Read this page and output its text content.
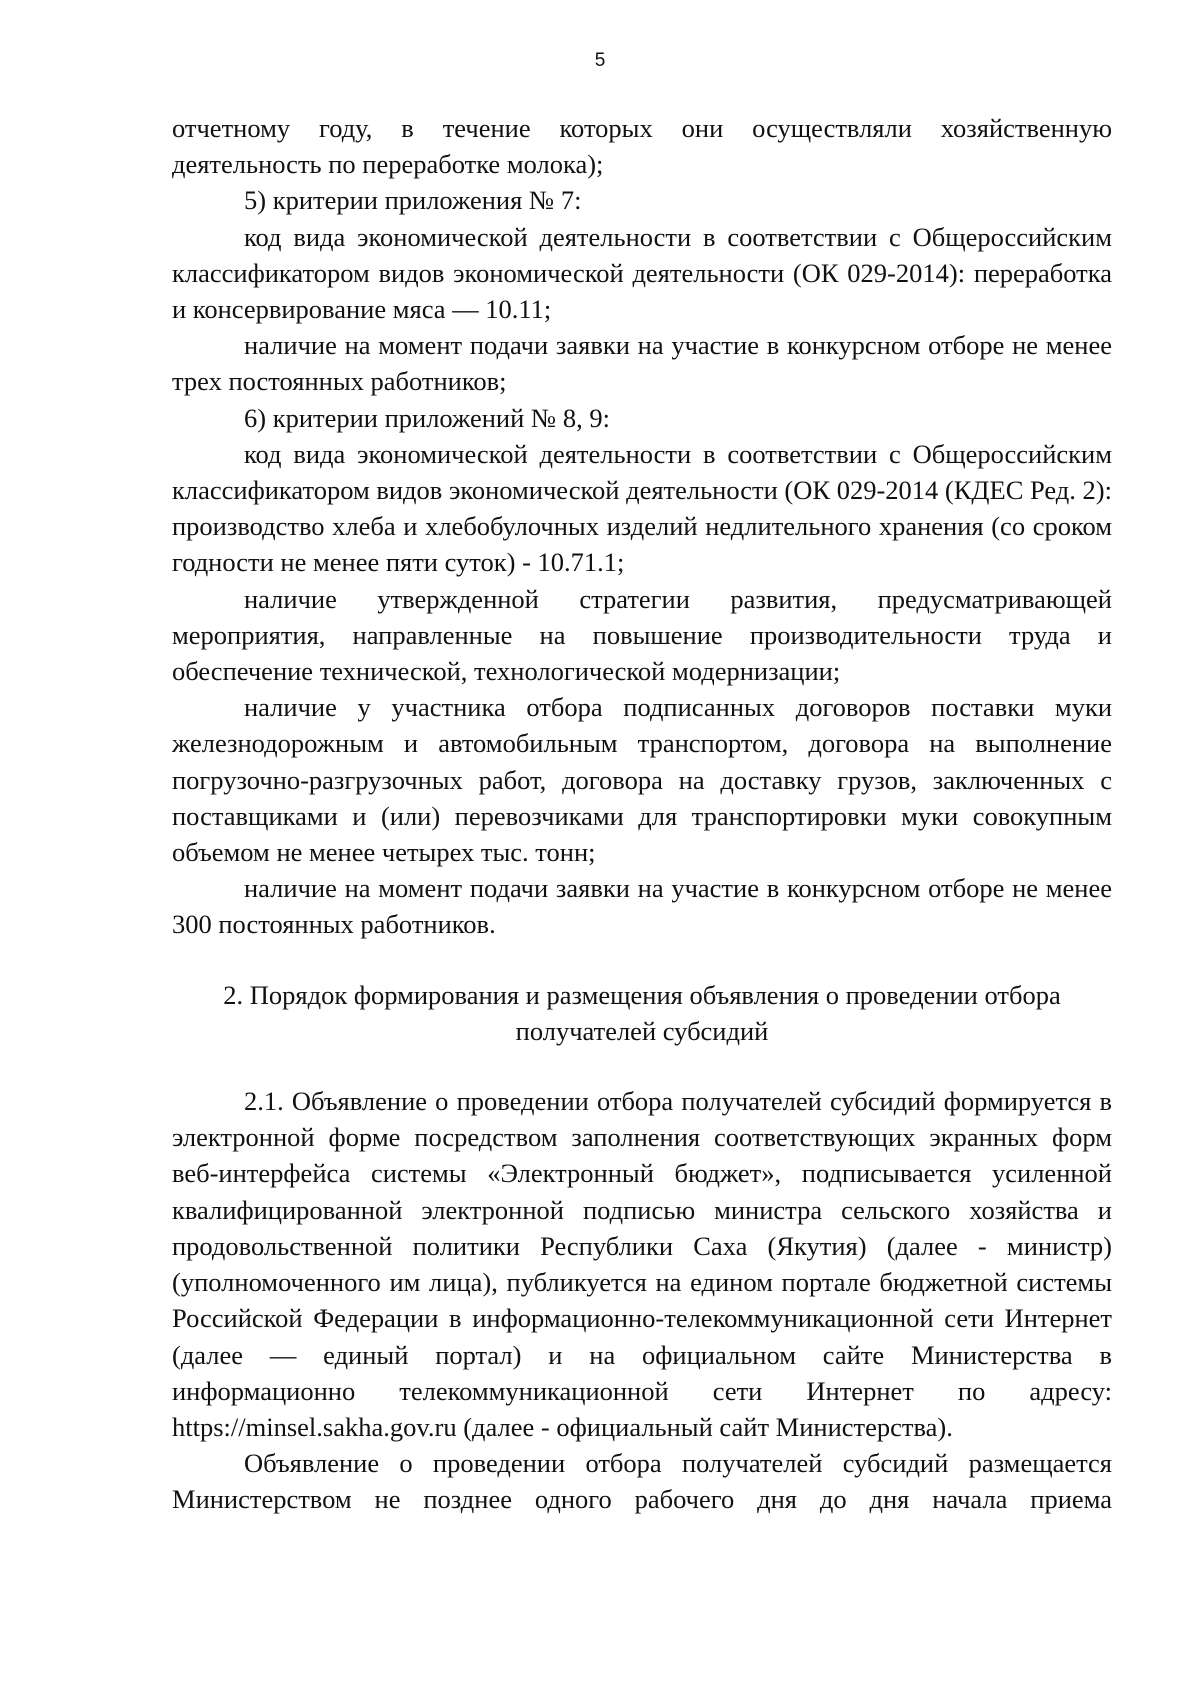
5

отчетному году, в течение которых они осуществляли хозяйственную деятельность по переработке молока);

5) критерии приложения № 7:

код вида экономической деятельности в соответствии с Общероссийским классификатором видов экономической деятельности (ОК 029-2014): переработка и консервирование мяса — 10.11;

наличие на момент подачи заявки на участие в конкурсном отборе не менее трех постоянных работников;

6) критерии приложений № 8, 9:

код вида экономической деятельности в соответствии с Общероссийским классификатором видов экономической деятельности (ОК 029-2014 (КДЕС Ред. 2): производство хлеба и хлебобулочных изделий недлительного хранения (со сроком годности не менее пяти суток) - 10.71.1;

наличие утвержденной стратегии развития, предусматривающей мероприятия, направленные на повышение производительности труда и обеспечение технической, технологической модернизации;

наличие у участника отбора подписанных договоров поставки муки железнодорожным и автомобильным транспортом, договора на выполнение погрузочно-разгрузочных работ, договора на доставку грузов, заключенных с поставщиками и (или) перевозчиками для транспортировки муки совокупным объемом не менее четырех тыс. тонн;

наличие на момент подачи заявки на участие в конкурсном отборе не менее 300 постоянных работников.

2. Порядок формирования и размещения объявления о проведении отбора
получателей субсидий

2.1. Объявление о проведении отбора получателей субсидий формируется в электронной форме посредством заполнения соответствующих экранных форм веб-интерфейса системы «Электронный бюджет», подписывается усиленной квалифицированной электронной подписью министра сельского хозяйства и продовольственной политики Республики Саха (Якутия) (далее - министр) (уполномоченного им лица), публикуется на едином портале бюджетной системы Российской Федерации в информационно-телекоммуникационной сети Интернет (далее — единый портал) и на официальном сайте Министерства в информационно телекоммуникационной сети Интернет по адресу: https://minsel.sakha.gov.ru (далее - официальный сайт Министерства).

Объявление о проведении отбора получателей субсидий размещается Министерством не позднее одного рабочего дня до дня начала приема
